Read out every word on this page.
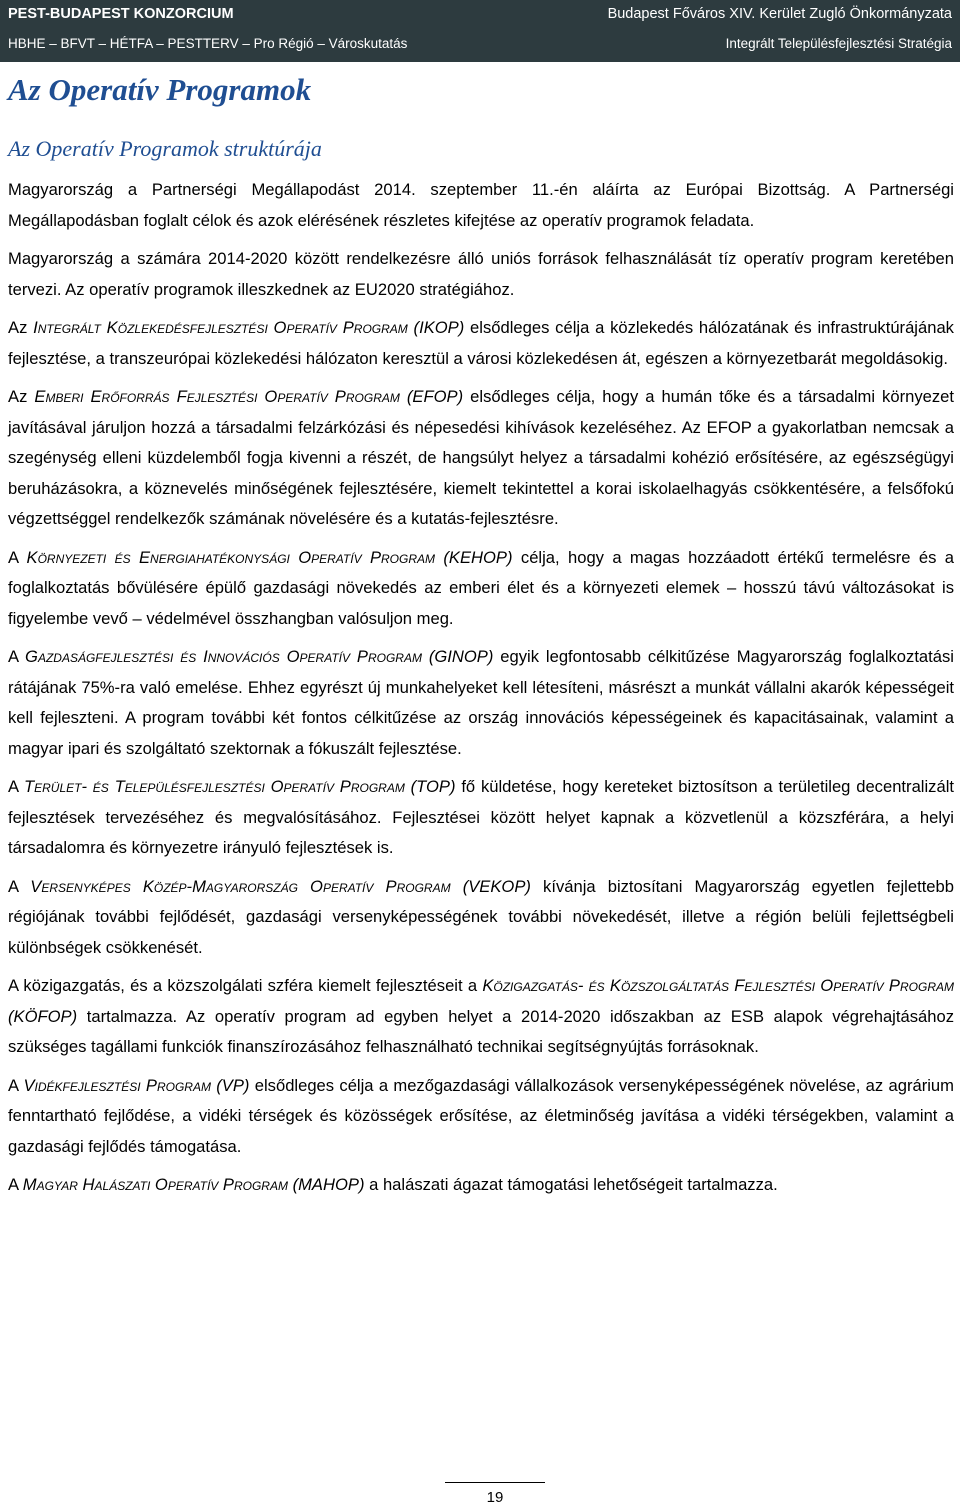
PEST-BUDAPEST KONZORCIUM	Budapest Főváros XIV. Kerület Zugló Önkormányzata
HBHE – BFVT – HÉTFA – PESTTERV – Pro Régió – Városkutatás	Integrált Településfejlesztési Stratégia
Az Operatív Programok
Az Operatív Programok struktúrája

Magyarország a Partnerségi Megállapodást 2014. szeptember 11.-én aláírta az Európai Bizottság. A Partnerségi Megállapodásban foglalt célok és azok elérésének részletes kifejtése az operatív programok feladata.

Magyarország a számára 2014-2020 között rendelkezésre álló uniós források felhasználását tíz operatív program keretében tervezi. Az operatív programok illeszkednek az EU2020 stratégiához.

Az Integrált Közlekedésfejlesztési Operatív Program (IKOP) elsődleges célja a közlekedés hálózatának és infrastruktúrájának fejlesztése, a transzeurópai közlekedési hálózaton keresztül a városi közlekedésen át, egészen a környezetbarát megoldásokig.

Az Emberi Erőforrás Fejlesztési Operatív Program (EFOP) elsődleges célja, hogy a humán tőke és a társadalmi környezet javításával járuljon hozzá a társadalmi felzárkózási és népesedési kihívások kezeléséhez. Az EFOP a gyakorlatban nemcsak a szegénység elleni küzdelemből fogja kivenni a részét, de hangsúlyt helyez a társadalmi kohézió erősítésére, az egészségügyi beruházásokra, a köznevelés minőségének fejlesztésére, kiemelt tekintettel a korai iskolaelhagyás csökkentésére, a felsőfokú végzettséggel rendelkezők számának növelésére és a kutatás-fejlesztésre.

A Környezeti és Energiahatékonysági Operatív Program (KEHOP) célja, hogy a magas hozzáadott értékű termelésre és a foglalkoztatás bővülésére épülő gazdasági növekedés az emberi élet és a környezeti elemek – hosszú távú változásokat is figyelembe vevő – védelmével összhangban valósuljon meg.

A Gazdaságfejlesztési és Innovációs Operatív Program (GINOP) egyik legfontosabb célkitűzése Magyarország foglalkoztatási rátájának 75%-ra való emelése. Ehhez egyrészt új munkahelyeket kell létesíteni, másrészt a munkát vállalni akarók képességeit kell fejleszteni. A program további két fontos célkitűzése az ország innovációs képességeinek és kapacitásainak, valamint a magyar ipari és szolgáltató szektornak a fókuszált fejlesztése.

A Terület- és Településfejlesztési Operatív Program (TOP) fő küldetése, hogy kereteket biztosítson a területileg decentralizált fejlesztések tervezéséhez és megvalósításához. Fejlesztései között helyet kapnak a közvetlenül a közszférára, a helyi társadalomra és környezetre irányuló fejlesztések is.

A Versenyképes Közép-Magyarország Operatív Program (VEKOP) kívánja biztosítani Magyarország egyetlen fejlettebb régiójának további fejlődését, gazdasági versenyképességének további növekedését, illetve a régión belüli fejlettségbeli különbségek csökkenését.

A közigazgatás, és a közszolgálati szféra kiemelt fejlesztéseit a Közigazgatás- és Közszolgáltatás Fejlesztési Operatív Program (KÖFOP) tartalmazza. Az operatív program ad egyben helyet a 2014-2020 időszakban az ESB alapok végrehajtásához szükséges tagállami funkciók finanszírozásához felhasználható technikai segítségnyújtás forrásoknak.

A Vidékfejlesztési Program (VP) elsődleges célja a mezőgazdasági vállalkozások versenyképességének növelése, az agrárium fenntartható fejlődése, a vidéki térségek és közösségek erősítése, az életminőség javítása a vidéki térségekben, valamint a gazdasági fejlődés támogatása.

A Magyar Halászati Operatív Program (MAHOP) a halászati ágazat támogatási lehetőségeit tartalmazza.

19
